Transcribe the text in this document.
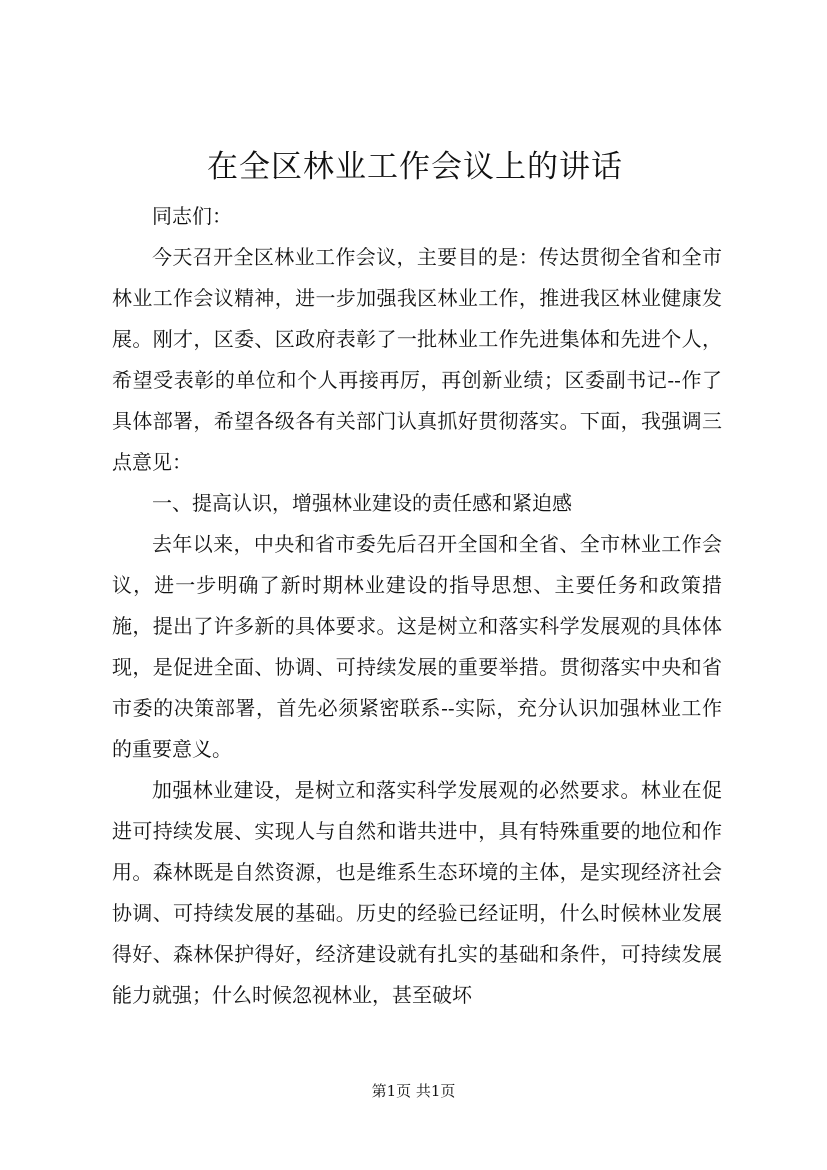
在全区林业工作会议上的讲话

同志们：

今天召开全区林业工作会议，主要目的是：传达贯彻全省和全市林业工作会议精神，进一步加强我区林业工作，推进我区林业健康发展。刚才，区委、区政府表彰了一批林业工作先进集体和先进个人，希望受表彰的单位和个人再接再厉，再创新业绩；区委副书记--作了具体部署，希望各级各有关部门认真抓好贯彻落实。下面，我强调三点意见：

一、提高认识，增强林业建设的责任感和紧迫感

去年以来，中央和省市委先后召开全国和全省、全市林业工作会议，进一步明确了新时期林业建设的指导思想、主要任务和政策措施，提出了许多新的具体要求。这是树立和落实科学发展观的具体体现，是促进全面、协调、可持续发展的重要举措。贯彻落实中央和省市委的决策部署，首先必须紧密联系--实际，充分认识加强林业工作的重要意义。

加强林业建设，是树立和落实科学发展观的必然要求。林业在促进可持续发展、实现人与自然和谐共进中，具有特殊重要的地位和作用。森林既是自然资源，也是维系生态环境的主体，是实现经济社会协调、可持续发展的基础。历史的经验已经证明，什么时候林业发展得好、森林保护得好，经济建设就有扎实的基础和条件，可持续发展能力就强；什么时候忽视林业，甚至破坏

第1页 共1页
